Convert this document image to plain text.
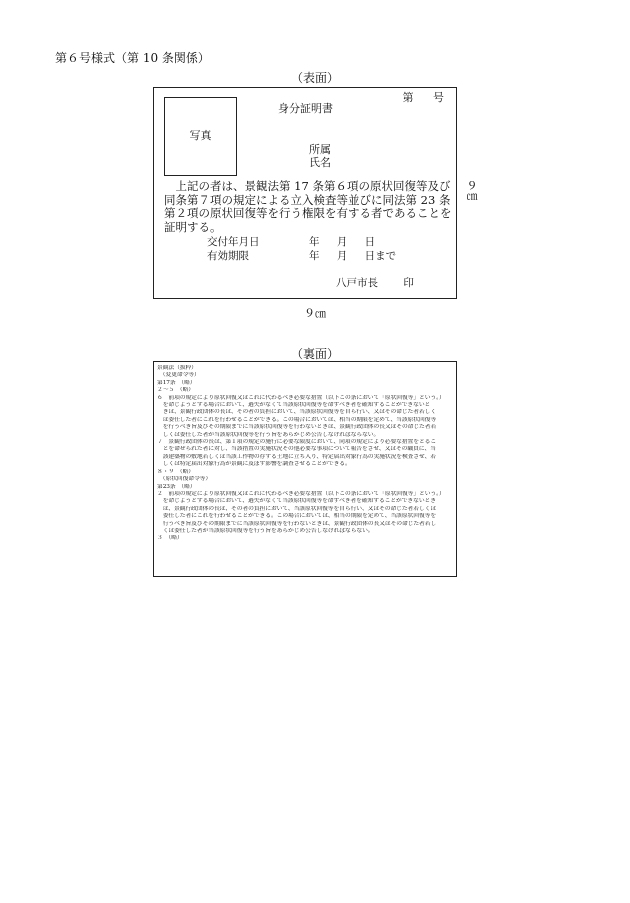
第６号様式（第 10 条関係）
（表面）
写真
第 号
身分証明書
所属
氏名
上記の者は、景観法第 17 条第６項の原状回復等及び同条第７項の規定による立入検査等並びに同法第 23 条第２項の原状回復等を行う権限を有する者であることを証明する。
交付年月日	年 月 日
有効期限	年 月 日まで
八戸市長 印
９㎝
９㎝
（裏面）
景観法（抜粋）
　（変更命令等）
第17条　（略）
２～５　（略）
６　前項の規定により原状回復又はこれに代わるべき必要な措置（以下この条において「原状回復等」という。）
　を命じようとする場合において、過失がなくて当該原状回復等を命ずべき者を確知することができないと
　きは、景観行政団体の長は、その者の負担において、当該原状回復等を自ら行い、又はその命じた者若しく
　は委任した者にこれを行わせることができる。この場合においては、相当の期限を定めて、当該原状回復等
　を行うべき旨及びその期限までに当該原状回復等を行わないときは、景観行政団体の長又はその命じた者若
　しくは委任した者が当該原状回復等を行う旨をあらかじめ公告しなければならない。
７　景観行政団体の長は、第１項の規定の施行に必要な限度において、同項の規定により必要な措置をとるこ
　とを命ぜられた者に対し、当該措置の実施状況その他必要な事項について報告をさせ、又はその職員に、当
　該建築物の敷地若しくは当該工作物の存する土地に立ち入り、特定届出対象行為の実施状況を検査させ、若
　しくは特定届出対象行為が景観に及ぼす影響を調査させることができる。
８・９　（略）
　（原状回復命令等）
第23条　（略）
２　前項の規定により原状回復又はこれに代わるべき必要な措置（以下この条において「原状回復等」という。）
　を命じようとする場合において、過失がなくて当該原状回復等を命ずべき者を確知することができないとき
　は、景観行政団体の長は、その者の負担において、当該原状回復等を自ら行い、又はその命じた者若しくは
　委任した者にこれを行わせることができる。この場合においては、相当の期限を定めて、当該原状回復等を
　行うべき旨及びその期限までに当該原状回復等を行わないときは、景観行政団体の長又はその命じた者若し
　くは委任した者が当該原状回復等を行う旨をあらかじめ公告しなければならない。
３　（略）
